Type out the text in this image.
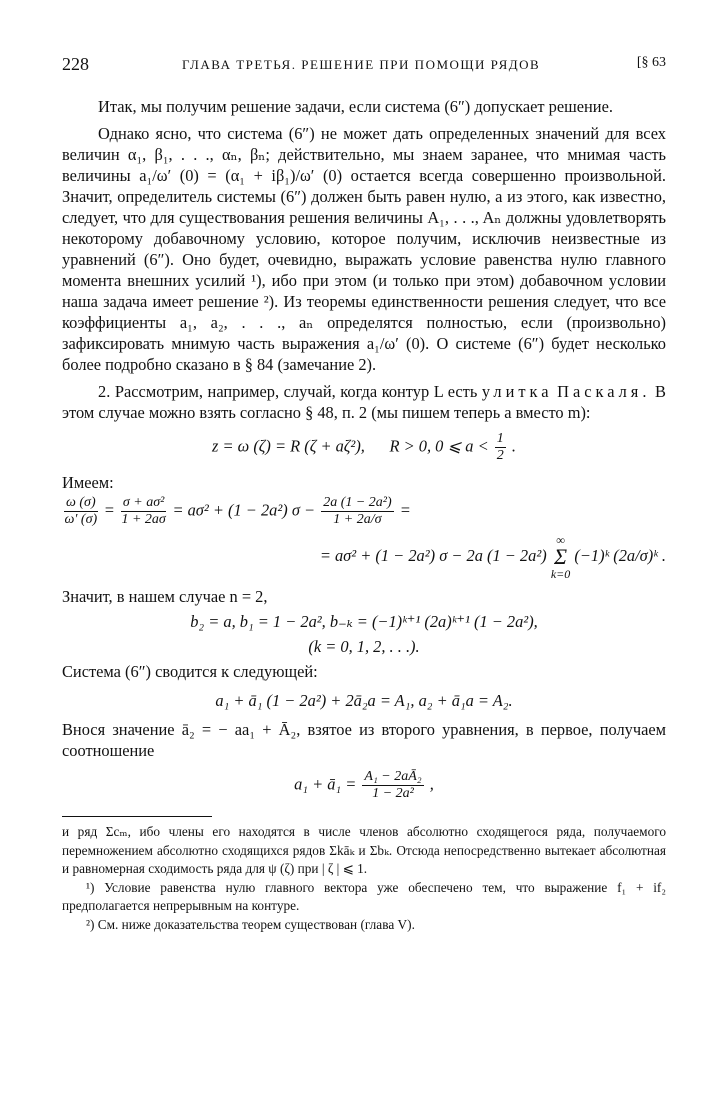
228	ГЛАВА ТРЕТЬЯ. РЕШЕНИЕ ПРИ ПОМОЩИ РЯДОВ	[§ 63

Итак, мы получим решение задачи, если система (6″) допускает решение.

Однако ясно, что система (6″) не может дать определенных значений для всех величин α₁, β₁, . . ., αₙ, βₙ; действительно, мы знаем заранее, что мнимая часть величины a₁/ω′ (0) = (α₁ + iβ₁)/ω′ (0) остается всегда совершенно произвольной. Значит, определитель системы (6″) должен быть равен нулю, а из этого, как известно, следует, что для существования решения величины A₁, . . ., Aₙ должны удовлетворять некоторому добавочному условию, которое получим, исключив неизвестные из уравнений (6″). Оно будет, очевидно, выражать условие равенства нулю главного момента внешних усилий ¹), ибо при этом (и только при этом) добавочном условии наша задача имеет решение ²). Из теоремы единственности решения следует, что все коэффициенты a₁, a₂, . . ., aₙ определятся полностью, если (произвольно) зафиксировать мнимую часть выражения a₁/ω′ (0). О системе (6″) будет несколько более подробно сказано в § 84 (замечание 2).

2. Рассмотрим, например, случай, когда контур L есть улитка Паскаля. В этом случае можно взять согласно § 48, п. 2 (мы пишем теперь a вместо m):

z = ω (ζ) = R (ζ + aζ²), R > 0, 0 ⩽ $a < \frac{1}{2}$ .

Имеем:

$\frac{\omega (\sigma)}{\omega' (\sigma)} = \frac{\text{σ + aσ²}}{1 + 2a\sigma} = a\sigma^2 + (1 - 2a^2) \sigma - \frac{\text{2a (1 − 2a²)}}{1 + 2a/\sigma}$ =
= aσ² + (1 − 2a²) σ − 2a (1 − 2a²) ∞
Σ
k=0 (−1)ᵏ (2a/σ)ᵏ .

Значит, в нашем случае n = 2,

b₂ = a, b₁ = 1 − 2a², b₋ₖ = (−1)ᵏ⁺¹ (2a)ᵏ⁺¹ (1 − 2a²),
(k = 0, 1, 2, . . .).

Система (6″) сводится к следующей:

a₁ + ā₁ (1 − 2a²) + 2ā₂a = A₁, a₂ + ā₁a = A₂.

Внося значение ā₂ = − aa₁ + Ā₂, взятое из второго уравнения, в первое, получаем соотношение

a₁ + ā₁ = $\frac{\text{A₁ − 2aĀ₂}}{\text{1 − 2a²}}$ ,

и ряд Σcₘ, ибо члены его находятся в числе членов абсолютно сходящегося ряда, получаемого перемножением абсолютно сходящихся рядов Σkāₖ и Σbₖ. Отсюда непосредственно вытекает абсолютная и равномерная сходимость ряда для ψ (ζ) при | ζ | ⩽ 1.

¹) Условие равенства нулю главного вектора уже обеспечено тем, что выражение f₁ + if₂ предполагается непрерывным на контуре.

²) См. ниже доказательства теорем существован (глава V).
